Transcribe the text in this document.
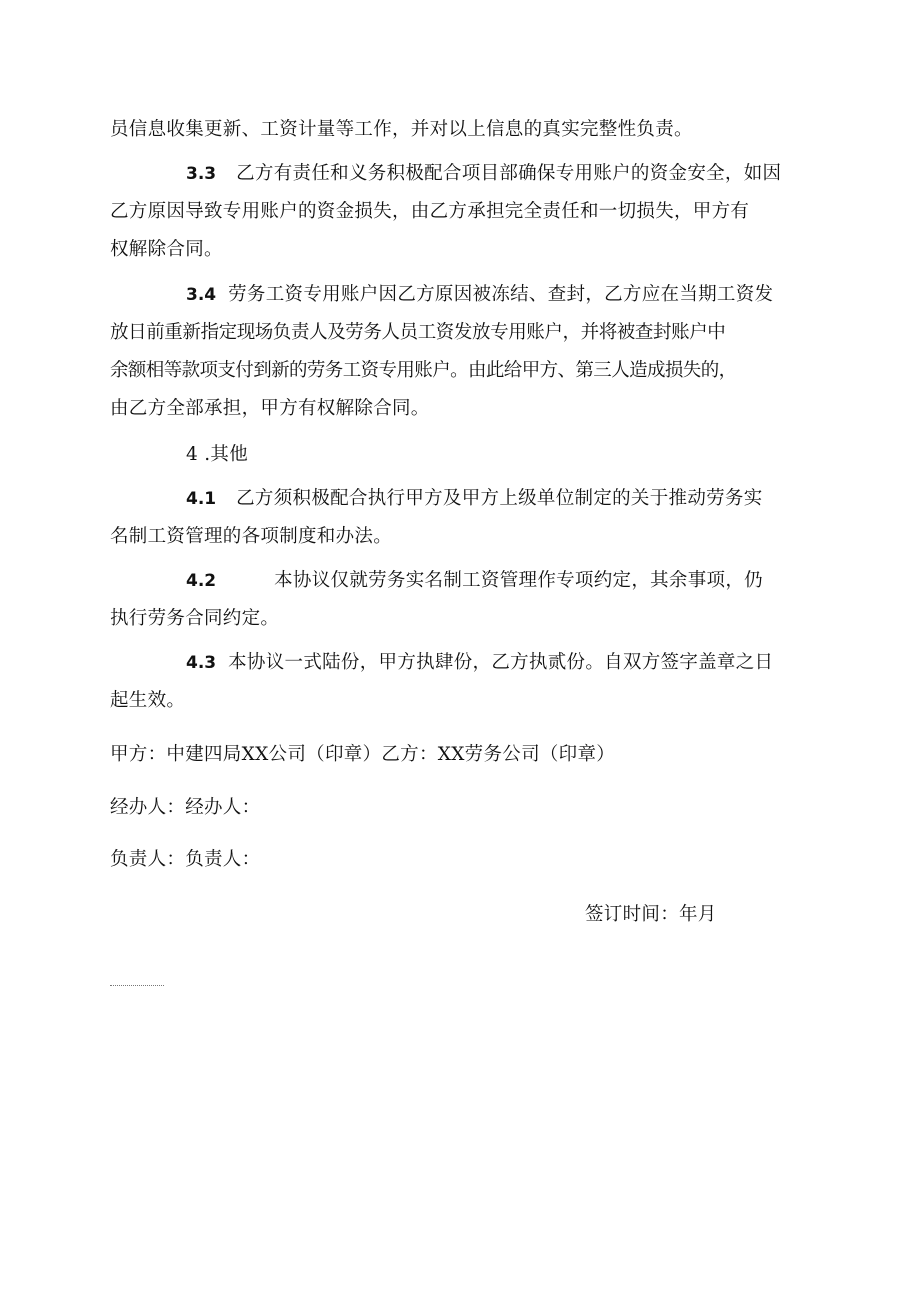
员信息收集更新、工资计量等工作，并对以上信息的真实完整性负责。
3.3 乙方有责任和义务积极配合项目部确保专用账户的资金安全，如因
乙方原因导致专用账户的资金损失，由乙方承担完全责任和一切损失，甲方有
权解除合同。
3.4 劳务工资专用账户因乙方原因被冻结、查封，乙方应在当期工资发
放日前重新指定现场负责人及劳务人员工资发放专用账户，并将被查封账户中
余额相等款项支付到新的劳务工资专用账户。由此给甲方、第三人造成损失的，
由乙方全部承担，甲方有权解除合同。
4 .其他
4.1 乙方须积极配合执行甲方及甲方上级单位制定的关于推动劳务实
名制工资管理的各项制度和办法。
4.2	本协议仅就劳务实名制工资管理作专项约定，其余事项，仍
执行劳务合同约定。
4.3 本协议一式陆份，甲方执肆份，乙方执贰份。自双方签字盖章之日
起生效。
甲方：中建四局XX公司（印章）乙方：XX劳务公司（印章）
经办人：经办人：
负责人：负责人：
签订时间：年月
